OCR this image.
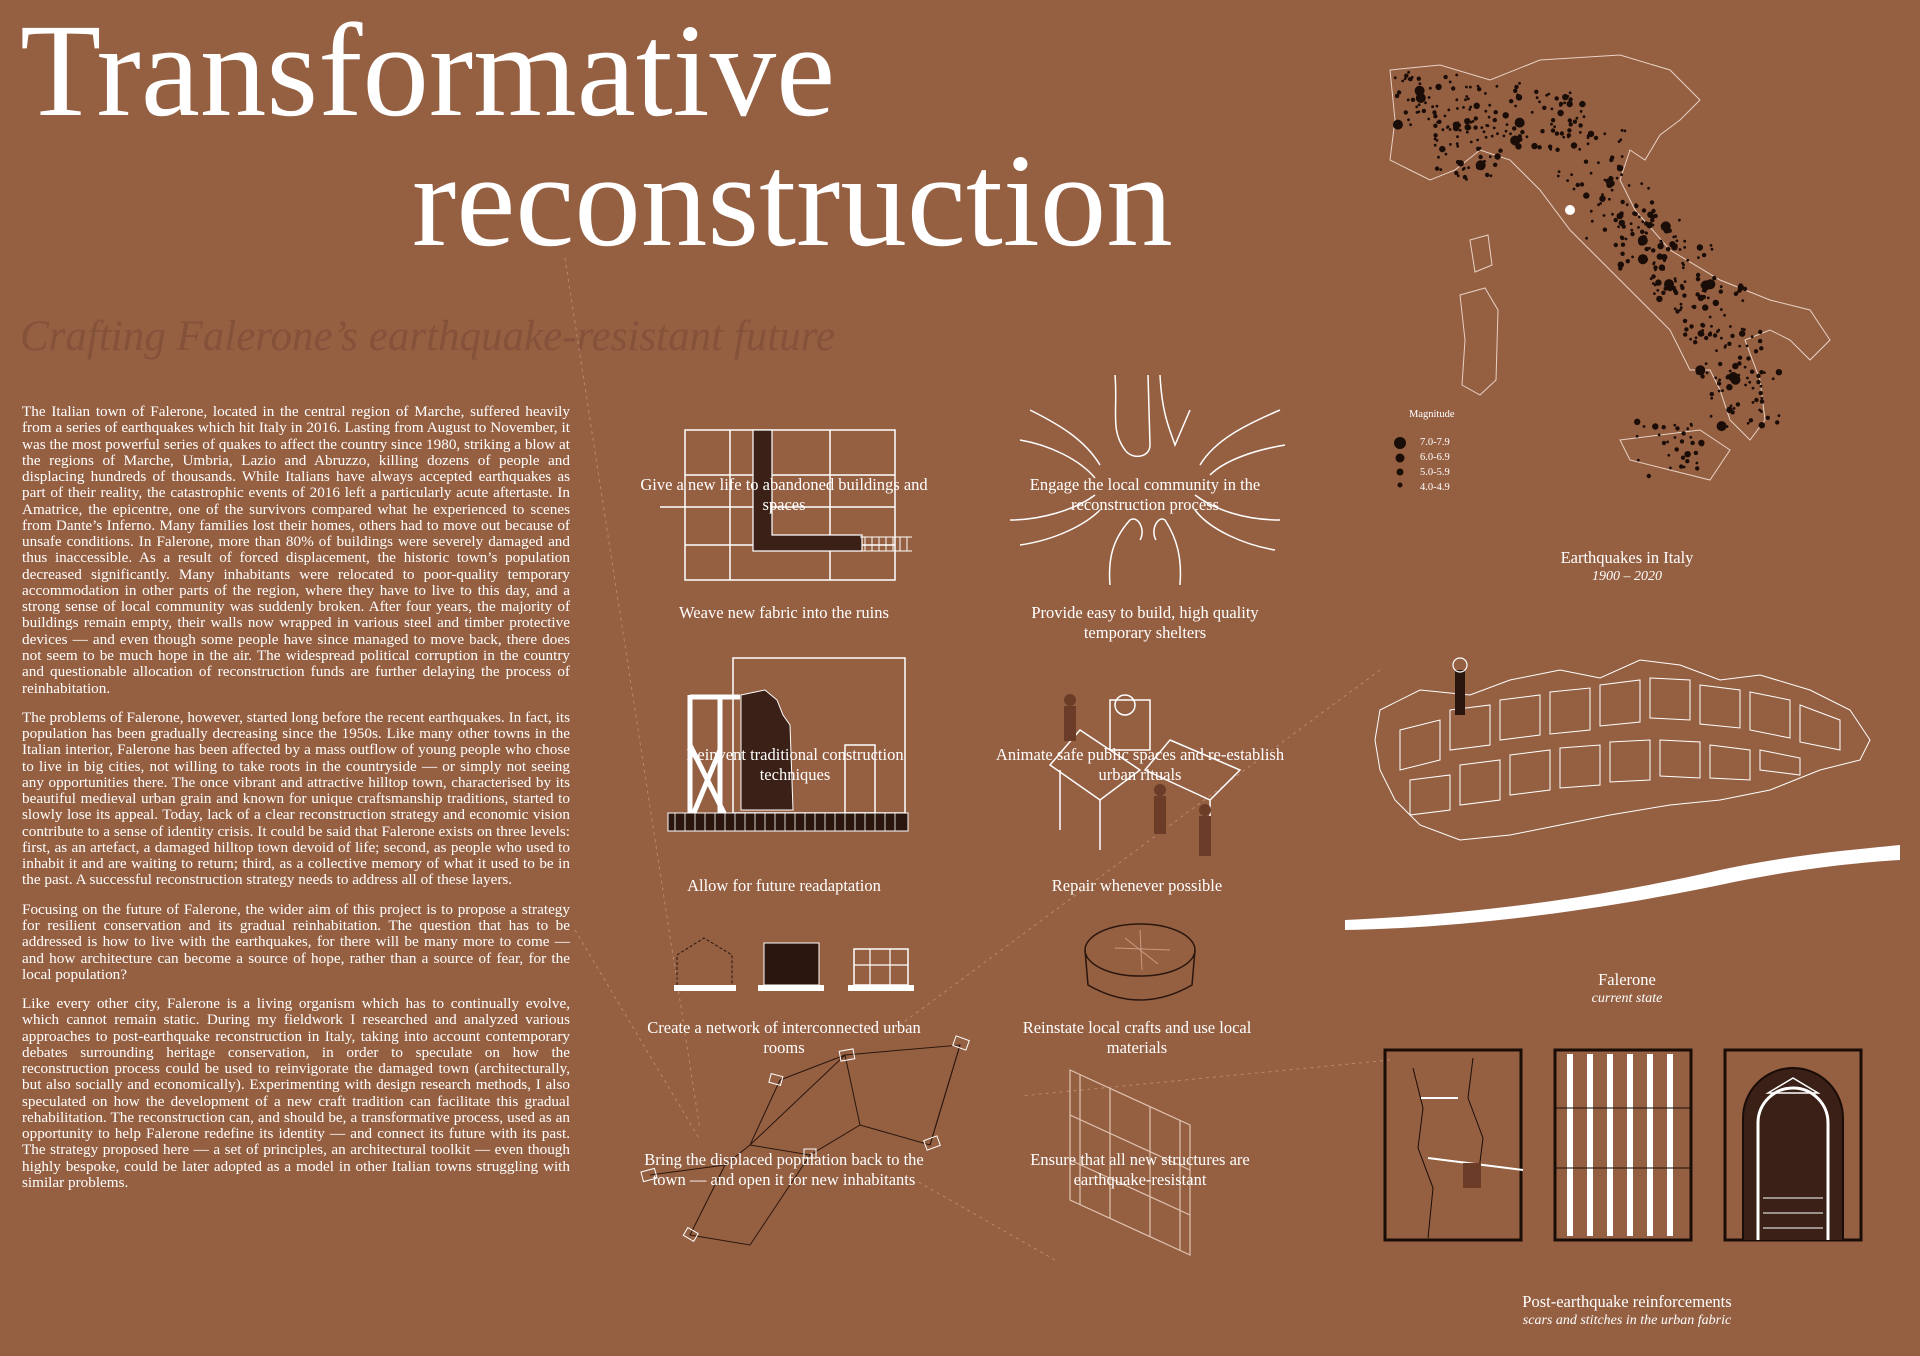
Transformative
reconstruction
Crafting Falerone’s earthquake-resistant future

The Italian town of Falerone, located in the central region of Marche, suffered heavily from a series of earthquakes which hit Italy in 2016. Lasting from August to November, it was the most powerful series of quakes to affect the country since 1980, striking a blow at the regions of Marche, Umbria, Lazio and Abruzzo, killing dozens of people and displacing hundreds of thousands. While Italians have always accepted earthquakes as part of their reality, the catastrophic events of 2016 left a particularly acute aftertaste. In Amatrice, the epicentre, one of the survivors compared what he experienced to scenes from Dante’s Inferno. Many families lost their homes, others had to move out because of unsafe conditions. In Falerone, more than 80% of buildings were severely damaged and thus inaccessible. As a result of forced displacement, the historic town’s population decreased significantly. Many inhabitants were relocated to poor-quality temporary accommodation in other parts of the region, where they have to live to this day, and a strong sense of local community was suddenly broken. After four years, the majority of buildings remain empty, their walls now wrapped in various steel and timber protective devices — and even though some people have since managed to move back, there does not seem to be much hope in the air. The widespread political corruption in the country and questionable allocation of reconstruction funds are further delaying the process of reinhabitation.

The problems of Falerone, however, started long before the recent earthquakes. In fact, its population has been gradually decreasing since the 1950s. Like many other towns in the Italian interior, Falerone has been affected by a mass outflow of young people who chose to live in big cities, not willing to take roots in the countryside — or simply not seeing any opportunities there. The once vibrant and attractive hilltop town, characterised by its beautiful medieval urban grain and known for unique craftsmanship traditions, started to slowly lose its appeal. Today, lack of a clear reconstruction strategy and economic vision contribute to a sense of identity crisis. It could be said that Falerone exists on three levels: first, as an artefact, a damaged hilltop town devoid of life; second, as people who used to inhabit it and are waiting to return; third, as a collective memory of what it used to be in the past. A successful reconstruction strategy needs to address all of these layers.

Focusing on the future of Falerone, the wider aim of this project is to propose a strategy for resilient conservation and its gradual reinhabitation. The question that has to be addressed is how to live with the earthquakes, for there will be many more to come — and how architecture can become a source of hope, rather than a source of fear, for the local population?

Like every other city, Falerone is a living organism which has to continually evolve, which cannot remain static. During my fieldwork I researched and analyzed various approaches to post-earthquake reconstruction in Italy, taking into account contemporary debates surrounding heritage conservation, in order to speculate on how the reconstruction process could be used to reinvigorate the damaged town (architecturally, but also socially and economically). Experimenting with design research methods, I also speculated on how the development of a new craft tradition can facilitate this gradual rehabilitation. The reconstruction can, and should be, a transformative process, used as an opportunity to help Falerone redefine its identity — and connect its future with its past. The strategy proposed here — a set of principles, an architectural toolkit — even though highly bespoke, could be later adopted as a model in other Italian towns struggling with similar problems.

Give a new life to abandoned buildings and spaces
Engage the local community in the reconstruction process
Weave new fabric into the ruins	Provide easy to build, high quality temporary shelters
Reinvent traditional construction techniques
Animate safe public spaces and re-establish urban rituals
Allow for future readaptation	Repair whenever possible
Create a network of interconnected urban rooms
Reinstate local crafts and use local materials
Bring the displaced population back to the town — and open it for new inhabitants
Ensure that all new structures are earthquake-resistant
Magnitude
7.0-7.9
6.0-6.9
5.0-5.9
4.0-4.9
Earthquakes in Italy
1900 – 2020
Falerone
current state
Post-earthquake reinforcements
scars and stitches in the urban fabric
